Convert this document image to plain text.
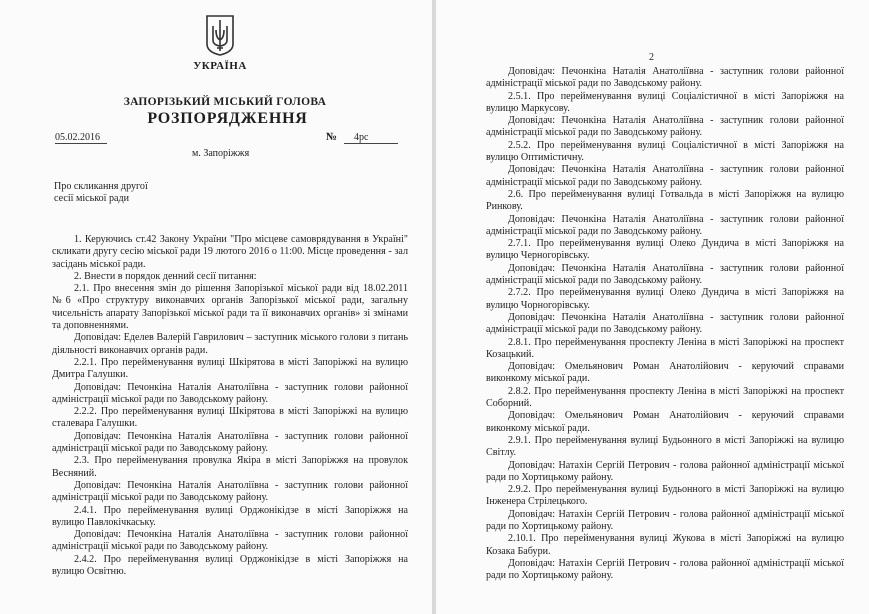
УКРАЇНА
ЗАПОРІЗЬКИЙ МІСЬКИЙ ГОЛОВА
РОЗПОРЯДЖЕННЯ
05.02.2016	№	4рс
м. Запоріжжя
Про скликання другої
сесії міської ради

1. Керуючись ст.42 Закону України "Про місцеве самоврядування в Україні" скликати другу сесію міської ради 19 лютого 2016 о 11:00. Місце проведення - зал засідань міської ради.

2. Внести в порядок денний сесії питання:

2.1. Про внесення змін до рішення Запорізької міської ради від 18.02.2011 №6 «Про структуру виконавчих органів Запорізької міської ради, загальну чисельність апарату Запорізької міської ради та її виконавчих органів» зі змінами та доповненнями.

Доповідач: Еделев Валерій Гаврилович – заступник міського голови з питань діяльності виконавчих органів ради.

2.2.1. Про перейменування вулиці Шкірятова в місті Запоріжжі на вулицю Дмитра Галушки.

Доповідач: Печонкіна Наталія Анатоліївна - заступник голови районної адміністрації міської ради по Заводському району.

2.2.2. Про перейменування вулиці Шкірятова в місті Запоріжжі на вулицю сталевара Галушки.

Доповідач: Печонкіна Наталія Анатоліївна - заступник голови районної адміністрації міської ради по Заводському району.

2.3. Про перейменування провулка Якіра в місті Запоріжжя на провулок Весняний.

Доповідач: Печонкіна Наталія Анатоліївна - заступник голови районної адміністрації міської ради по Заводському району.

2.4.1. Про перейменування вулиці Орджонікідзе в місті Запоріжжя на вулицю Павлокічкаську.

Доповідач: Печонкіна Наталія Анатоліївна - заступник голови районної адміністрації міської ради по Заводському району.

2.4.2. Про перейменування вулиці Орджонікідзе в місті Запоріжжя на вулицю Освітню.

2

Доповідач: Печонкіна Наталія Анатоліївна - заступник голови районної адміністрації міської ради по Заводському району.

2.5.1. Про перейменування вулиці Соціалістичної в місті Запоріжжя на вулицю Маркусову.

Доповідач: Печонкіна Наталія Анатоліївна - заступник голови районної адміністрації міської ради по Заводському району.

2.5.2. Про перейменування вулиці Соціалістичної в місті Запоріжжя на вулицю Оптимістичну.

Доповідач: Печонкіна Наталія Анатоліївна - заступник голови районної адміністрації міської ради по Заводському району.

2.6. Про перейменування вулиці Готвальда в місті Запоріжжя на вулицю Ринкову.

Доповідач: Печонкіна Наталія Анатоліївна - заступник голови районної адміністрації міської ради по Заводському району.

2.7.1. Про перейменування вулиці Олеко Дундича в місті Запоріжжя на вулицю Черногорівську.

Доповідач: Печонкіна Наталія Анатоліївна - заступник голови районної адміністрації міської ради по Заводському району.

2.7.2. Про перейменування вулиці Олеко Дундича в місті Запоріжжя на вулицю Чорногорівську.

Доповідач: Печонкіна Наталія Анатоліївна - заступник голови районної адміністрації міської ради по Заводському району.

2.8.1. Про перейменування проспекту Леніна в місті Запоріжжі на проспект Козацький.

Доповідач: Омельянович Роман Анатолійович - керуючий справами виконкому міської ради.

2.8.2. Про перейменування проспекту Леніна в місті Запоріжжі на проспект Соборний.

Доповідач: Омельянович Роман Анатолійович - керуючий справами виконкому міської ради.

2.9.1. Про перейменування вулиці Будьонного в місті Запоріжжі на вулицю Світлу.

Доповідач: Натахін Сергій Петрович - голова районної адміністрації міської ради по Хортицькому району.

2.9.2. Про перейменування вулиці Будьонного в місті Запоріжжі на вулицю Інженера Стрілецького.

Доповідач: Натахін Сергій Петрович - голова районної адміністрації міської ради по Хортицькому району.

2.10.1. Про перейменування вулиці Жукова в місті Запоріжжі на вулицю Козака Бабури.

Доповідач: Натахін Сергій Петрович - голова районної адміністрації міської ради по Хортицькому району.
